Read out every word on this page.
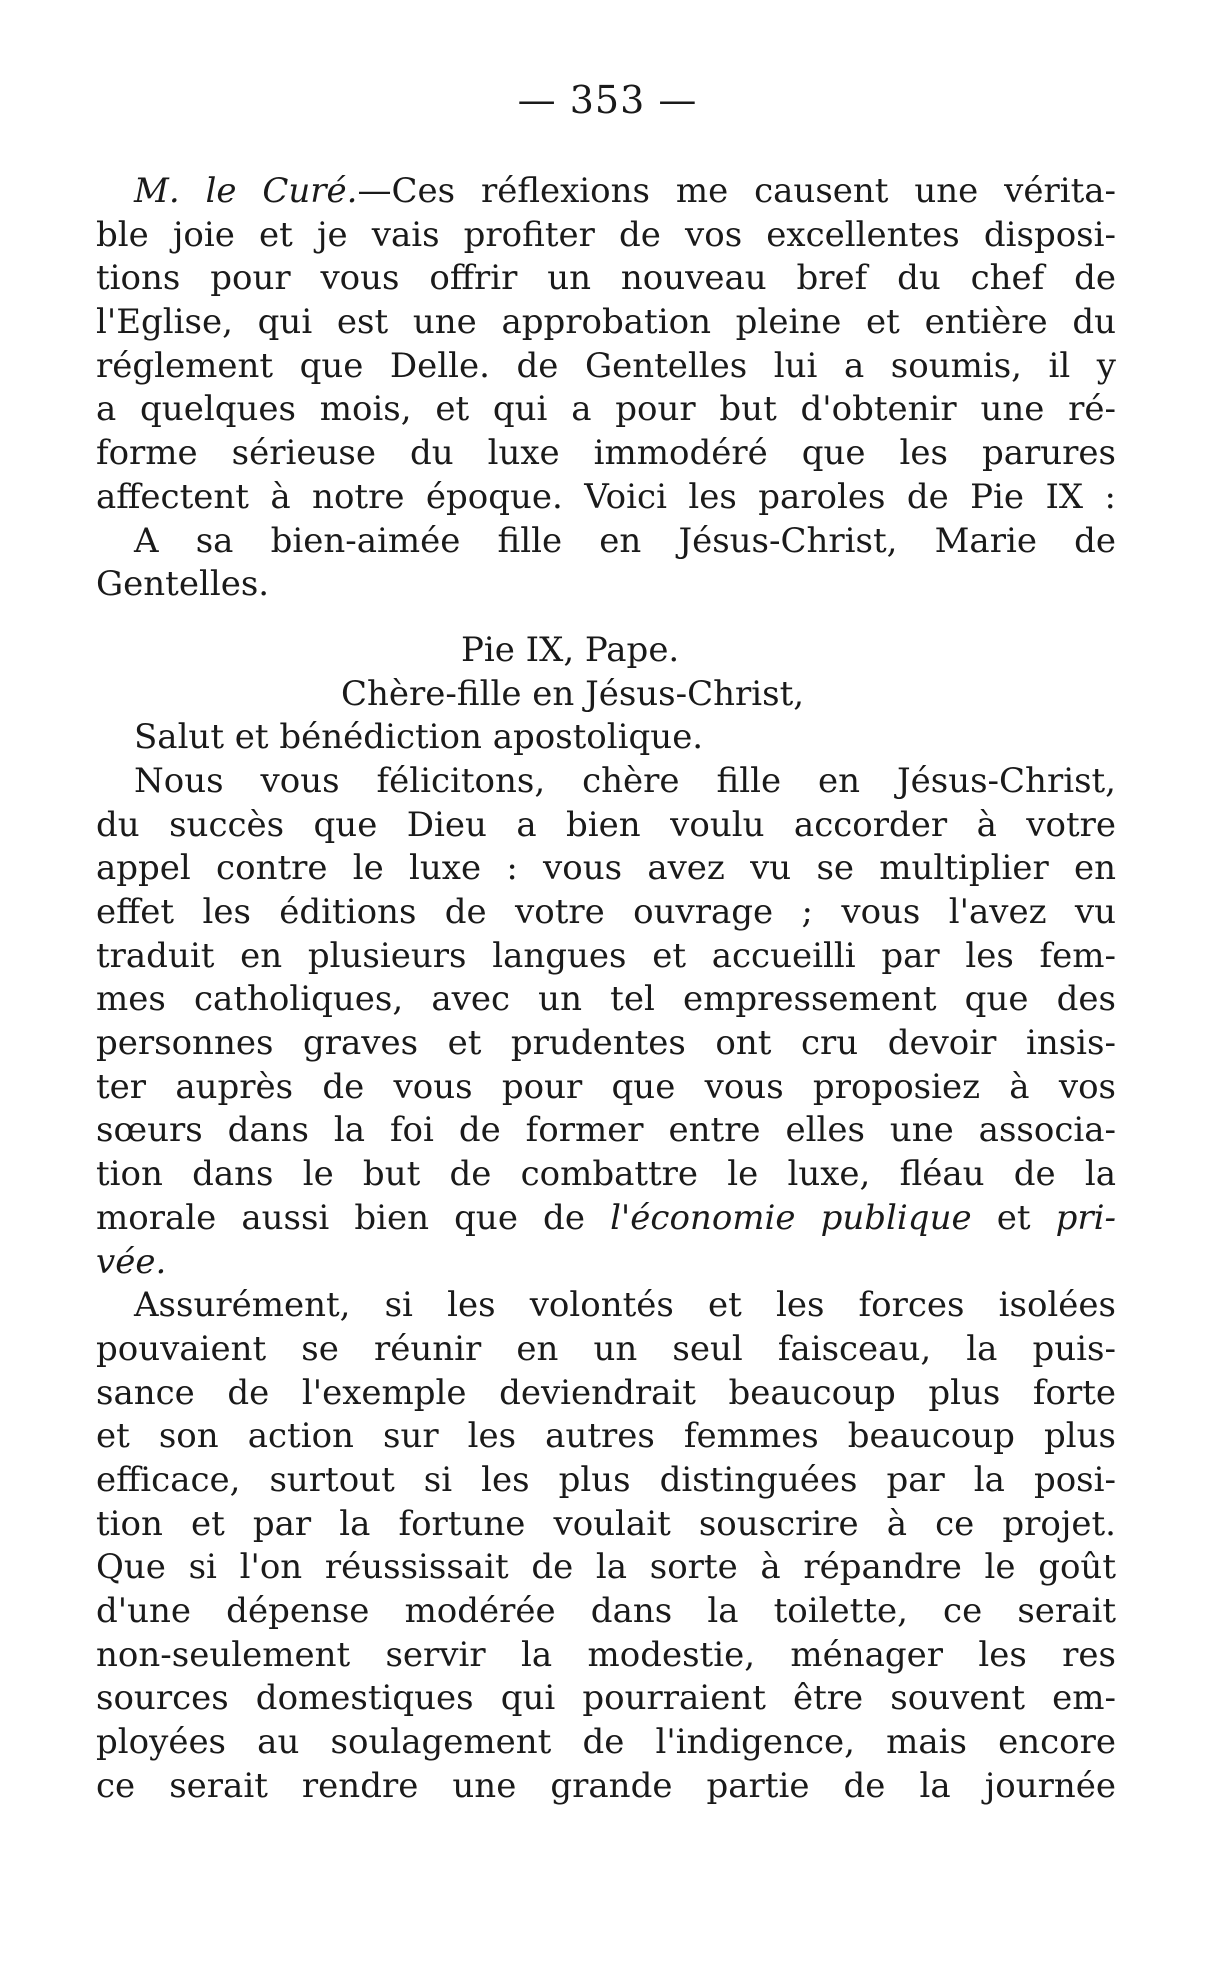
— 353 —
M. le Curé.—Ces réflexions me causent une vérita-
ble joie et je vais profiter de vos excellentes disposi-
tions pour vous offrir un nouveau bref du chef de
l'Eglise, qui est une approbation pleine et entière du
réglement que Delle. de Gentelles lui a soumis, il y
a quelques mois, et qui a pour but d'obtenir une ré-
forme sérieuse du luxe immodéré que les parures
affectent à notre époque. Voici les paroles de Pie IX :
A sa bien-aimée fille en Jésus-Christ, Marie de
Gentelles.
Pie IX, Pape.
Chère-fille en Jésus-Christ,
Salut et bénédiction apostolique.
Nous vous félicitons, chère fille en Jésus-Christ,
du succès que Dieu a bien voulu accorder à votre
appel contre le luxe : vous avez vu se multiplier en
effet les éditions de votre ouvrage ; vous l'avez vu
traduit en plusieurs langues et accueilli par les fem-
mes catholiques, avec un tel empressement que des
personnes graves et prudentes ont cru devoir insis-
ter auprès de vous pour que vous proposiez à vos
sœurs dans la foi de former entre elles une associa-
tion dans le but de combattre le luxe, fléau de la
morale aussi bien que de l'économie publique et pri-
vée.
Assurément, si les volontés et les forces isolées
pouvaient se réunir en un seul faisceau, la puis-
sance de l'exemple deviendrait beaucoup plus forte
et son action sur les autres femmes beaucoup plus
efficace, surtout si les plus distinguées par la posi-
tion et par la fortune voulait souscrire à ce projet.
Que si l'on réussissait de la sorte à répandre le goût
d'une dépense modérée dans la toilette, ce serait
non-seulement servir la modestie, ménager les res
sources domestiques qui pourraient être souvent em-
ployées au soulagement de l'indigence, mais encore
ce serait rendre une grande partie de la journée
